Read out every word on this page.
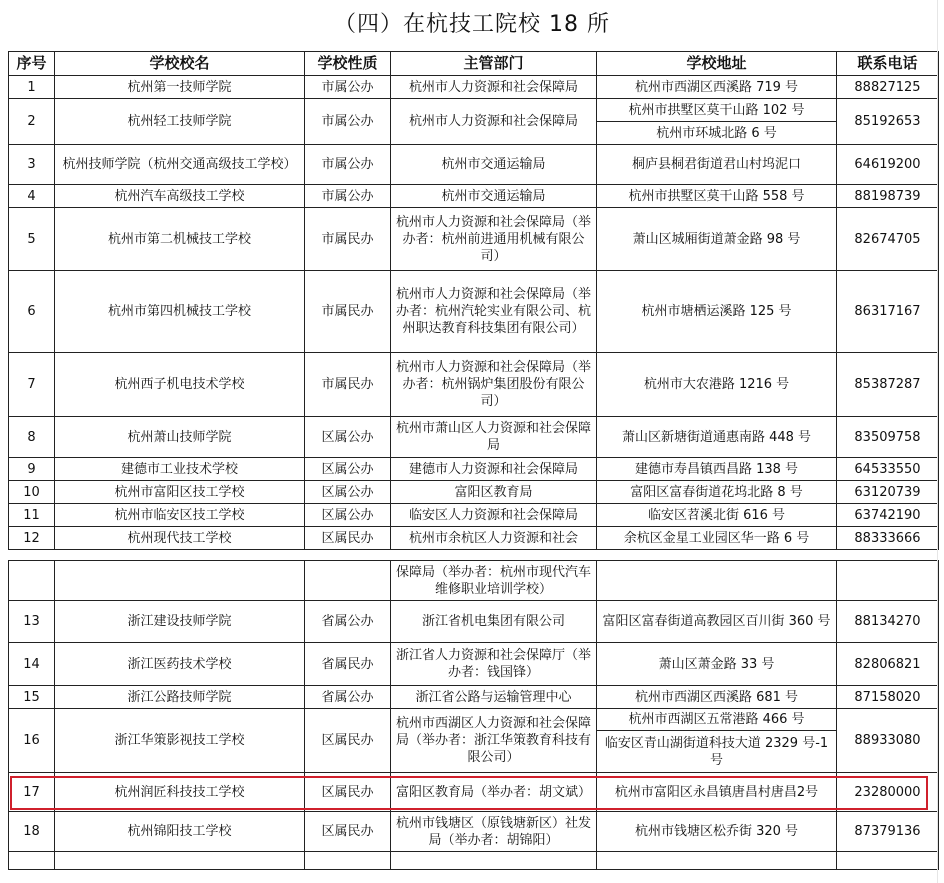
（四）在杭技工院校 18 所
序号	学校校名	学校性质	主管部门	学校地址	联系电话
1	杭州第一技师学院	市属公办	杭州市人力资源和社会保障局	杭州市西湖区西溪路 719 号	88827125
2	杭州轻工技师学院	市属公办	杭州市人力资源和社会保障局	杭州市拱墅区莫干山路 102 号	85192653
				杭州市环城北路 6 号	
3	杭州技师学院（杭州交通高级技工学校）	市属公办	杭州市交通运输局	桐庐县桐君街道君山村坞泥口	64619200
4	杭州汽车高级技工学校	市属公办	杭州市交通运输局	杭州市拱墅区莫干山路 558 号	88198739
5	杭州市第二机械技工学校	市属民办	杭州市人力资源和社会保障局（举办者：杭州前进通用机械有限公司）	萧山区城厢街道萧金路 98 号	82674705
6	杭州市第四机械技工学校	市属民办	杭州市人力资源和社会保障局（举办者：杭州汽轮实业有限公司、杭州职达教育科技集团有限公司）	杭州市塘栖运溪路 125 号	86317167
7	杭州西子机电技术学校	市属民办	杭州市人力资源和社会保障局（举办者：杭州锅炉集团股份有限公司）	杭州市大农港路 1216 号	85387287
8	杭州萧山技师学院	区属公办	杭州市萧山区人力资源和社会保障局	萧山区新塘街道通惠南路 448 号	83509758
9	建德市工业技术学校	区属公办	建德市人力资源和社会保障局	建德市寿昌镇西昌路 138 号	64533550
10	杭州市富阳区技工学校	区属公办	富阳区教育局	富阳区富春街道花坞北路 8 号	63120739
11	杭州市临安区技工学校	区属公办	临安区人力资源和社会保障局	临安区苕溪北街 616 号	63742190
12	杭州现代技工学校	区属民办	杭州市余杭区人力资源和社会	余杭区金星工业园区华一路 6 号	88333666

			保障局（举办者：杭州市现代汽车维修职业培训学校）		
13	浙江建设技师学院	省属公办	浙江省机电集团有限公司	富阳区富春街道高教园区百川街 360 号	88134270
14	浙江医药技术学校	省属民办	浙江省人力资源和社会保障厅（举办者：钱国锋）	萧山区萧金路 33 号	82806821
15	浙江公路技师学院	省属公办	浙江省公路与运输管理中心	杭州市西湖区西溪路 681 号	87158020
16	浙江华策影视技工学校	区属民办	杭州市西湖区人力资源和社会保障局（举办者：浙江华策教育科技有限公司）	杭州市西湖区五常港路 466 号	88933080
				临安区青山湖街道科技大道 2329 号-1 号	
17	杭州润匠科技技工学校	区属民办	富阳区教育局（举办者：胡文斌）	杭州市富阳区永昌镇唐昌村唐昌2号	23280000
18	杭州锦阳技工学校	区属民办	杭州市钱塘区（原钱塘新区）社发局（举办者：胡锦阳）	杭州市钱塘区松乔街 320 号	87379136
